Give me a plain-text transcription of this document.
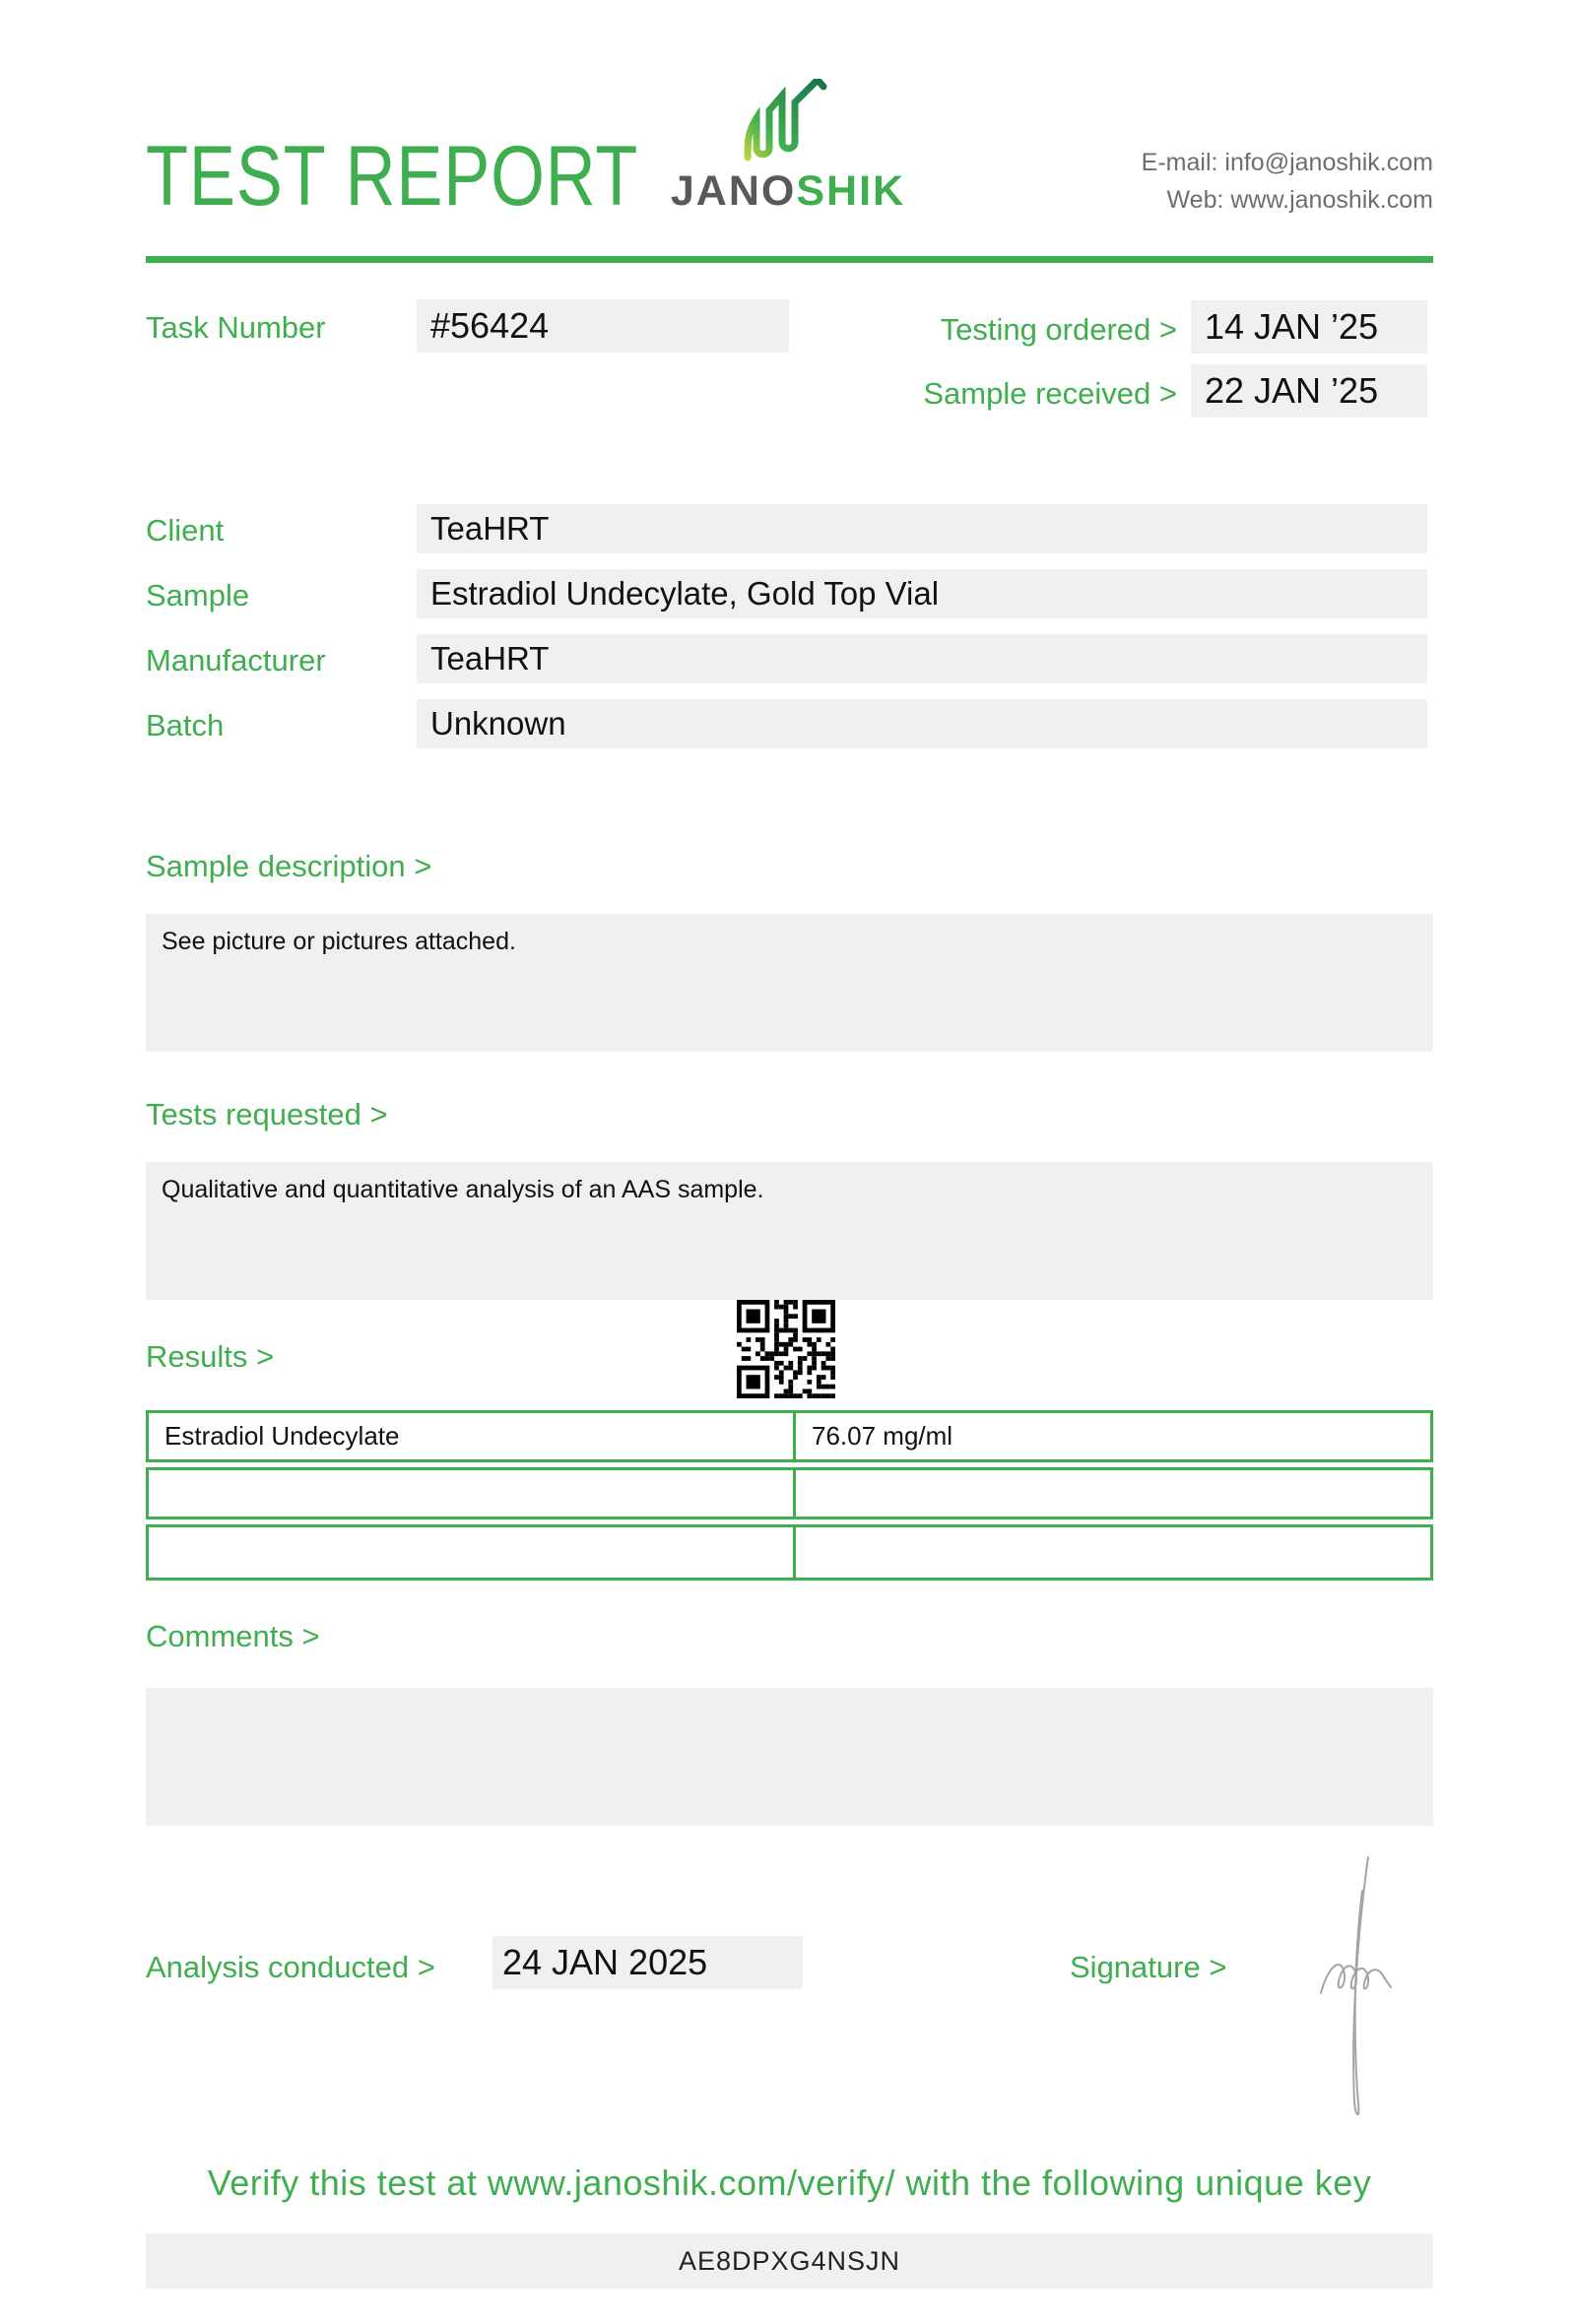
TEST REPORT JANOSHIK
E-mail: info@janoshik.com
Web: www.janoshik.com
Task Number	#56424	Testing ordered > 14 JAN ’25
Sample received > 22 JAN ’25
Client	TeaHRT
Sample	Estradiol Undecylate, Gold Top Vial
Manufacturer	TeaHRT
Batch	Unknown
Sample description >
See picture or pictures attached.
Tests requested >
Qualitative and quantitative analysis of an AAS sample.
Results >
Estradiol Undecylate	76.07 mg/ml
Comments >
Analysis conducted > 24 JAN 2025	Signature >
Verify this test at www.janoshik.com/verify/ with the following unique key
AE8DPXG4NSJN
